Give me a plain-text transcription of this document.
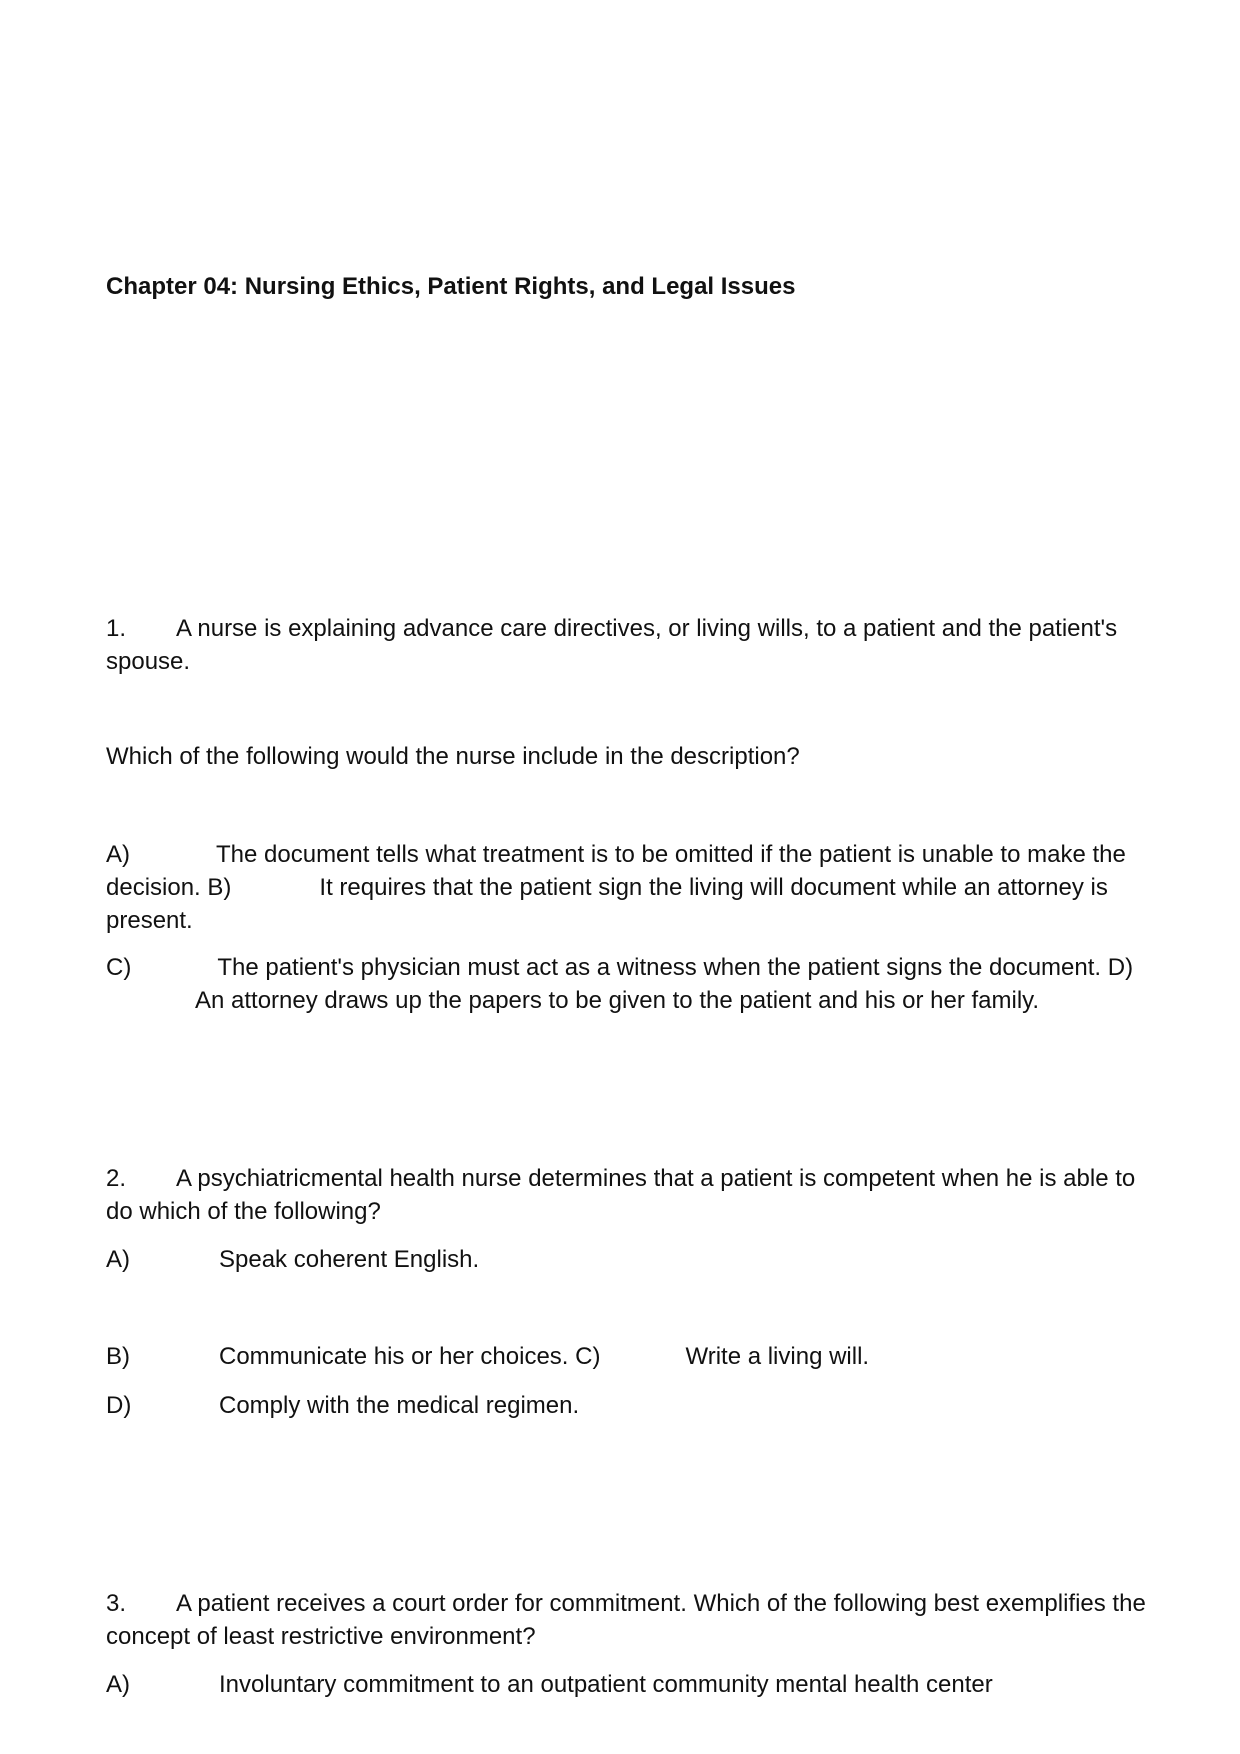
Chapter 04: Nursing Ethics, Patient Rights, and Legal Issues

1. A nurse is explaining advance care directives, or living wills, to a patient and the patient's spouse.

Which of the following would the nurse include in the description?

A)	The document tells what treatment is to be omitted if the patient is unable to make the decision. B)	It requires that the patient sign the living will document while an attorney is present.

C)	The patient's physician must act as a witness when the patient signs the document. D)An attorney draws up the papers to be given to the patient and his or her family.

2. A psychiatricmental health nurse determines that a patient is competent when he is able to do which of the following?

A)	Speak coherent English.
B)	Communicate his or her choices. C)	Write a living will.
D)	Comply with the medical regimen.

3. A patient receives a court order for commitment. Which of the following best exemplifies the concept of least restrictive environment?

A)	Involuntary commitment to an outpatient community mental health center
